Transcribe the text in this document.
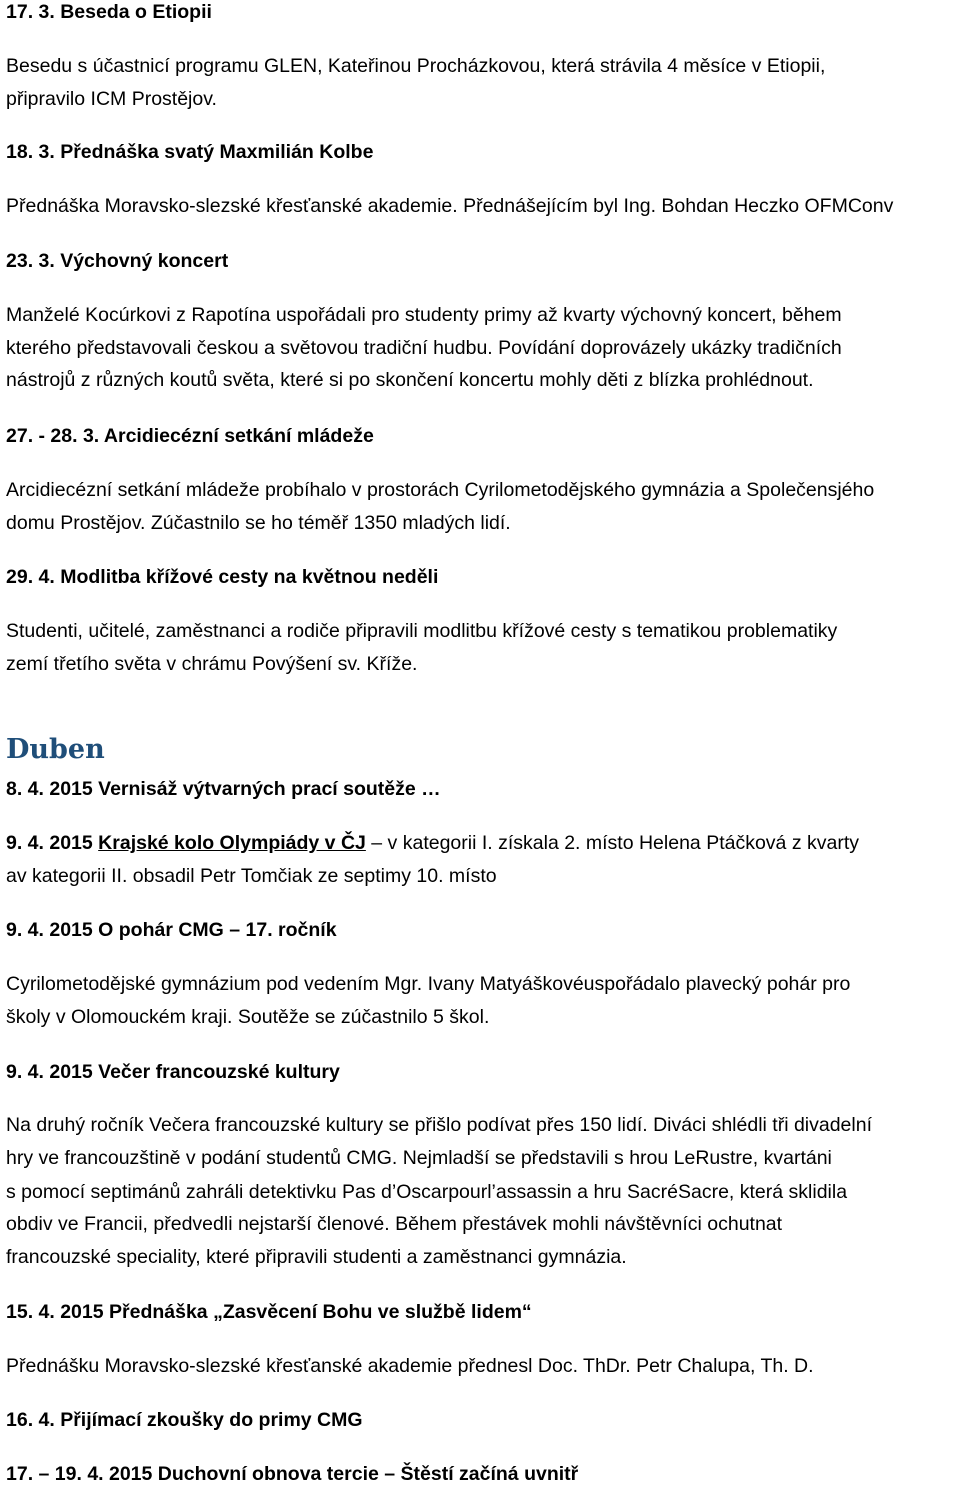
17. 3. Beseda o Etiopii
Besedu s účastnicí programu GLEN, Kateřinou Procházkovou, která strávila 4 měsíce v Etiopii,
připravilo ICM Prostějov.
18. 3. Přednáška svatý Maxmilián Kolbe
Přednáška Moravsko-slezské křesťanské akademie. Přednášejícím byl Ing. Bohdan Heczko OFMConv
23. 3. Výchovný koncert
Manželé Kocúrkovi z Rapotína uspořádali pro studenty primy až kvarty výchovný koncert, během
kterého představovali českou a světovou tradiční hudbu. Povídání doprovázely ukázky tradičních
nástrojů z různých koutů světa, které si po skončení koncertu mohly děti z blízka prohlédnout.
27. - 28. 3. Arcidiecézní setkání mládeže
Arcidiecézní setkání mládeže probíhalo v prostorách Cyrilometodějského gymnázia a Společensjého
domu Prostějov. Zúčastnilo se ho téměř 1350 mladých lidí.
29. 4. Modlitba křížové cesty na květnou neděli
Studenti, učitelé, zaměstnanci a rodiče připravili modlitbu křížové cesty s tematikou problematiky
zemí třetího světa v chrámu Povýšení sv. Kříže.
Duben
8. 4. 2015 Vernisáž výtvarných prací soutěže …
9. 4. 2015 Krajské kolo Olympiády v ČJ – v kategorii I. získala 2. místo Helena Ptáčková z kvarty
av kategorii II. obsadil Petr Tomčiak ze septimy 10. místo
9. 4. 2015 O pohár CMG – 17. ročník
Cyrilometodějské gymnázium pod vedením Mgr. Ivany Matyáškovéuspořádalo plavecký pohár pro
školy v Olomouckém kraji. Soutěže se zúčastnilo 5 škol.
9. 4. 2015 Večer francouzské kultury
Na druhý ročník Večera francouzské kultury se přišlo podívat přes 150 lidí. Diváci shlédli tři divadelní
hry ve francouzštině v podání studentů CMG. Nejmladší se představili s hrou LeRustre, kvartáni
s pomocí septimánů zahráli detektivku Pas d’Oscarpourl’assassin a hru SacréSacre, která sklidila
obdiv ve Francii, předvedli nejstarší členové. Během přestávek mohli návštěvníci ochutnat
francouzské speciality, které připravili studenti a zaměstnanci gymnázia.
15. 4. 2015 Přednáška „Zasvěcení Bohu ve službě lidem“
Přednášku Moravsko-slezské křesťanské akademie přednesl Doc. ThDr. Petr Chalupa, Th. D.
16. 4. Přijímací zkoušky do primy CMG
17. – 19. 4. 2015 Duchovní obnova tercie – Štěstí začíná uvnitř
